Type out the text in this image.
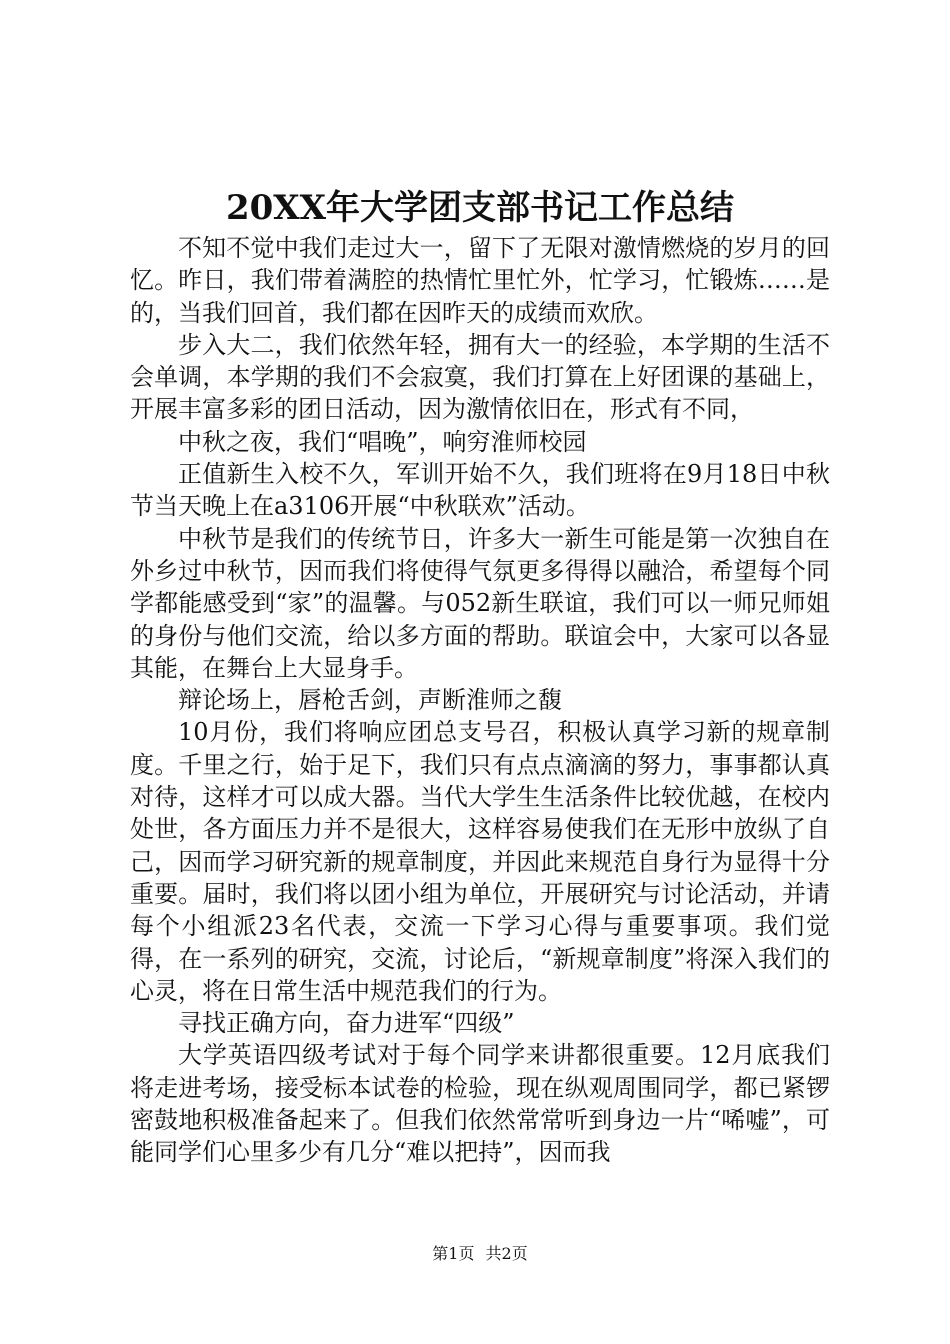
20XX年大学团支部书记工作总结

不知不觉中我们走过大一，留下了无限对激情燃烧的岁月的回忆。昨日，我们带着满腔的热情忙里忙外，忙学习，忙锻炼……是的，当我们回首，我们都在因昨天的成绩而欢欣。

步入大二，我们依然年轻，拥有大一的经验，本学期的生活不会单调，本学期的我们不会寂寞，我们打算在上好团课的基础上，开展丰富多彩的团日活动，因为激情依旧在，形式有不同，

中秋之夜，我们“唱晚”，响穷淮师校园

正值新生入校不久，军训开始不久，我们班将在9月18日中秋节当天晚上在a3106开展“中秋联欢”活动。

中秋节是我们的传统节日，许多大一新生可能是第一次独自在外乡过中秋节，因而我们将使得气氛更多得得以融洽，希望每个同学都能感受到“家”的温馨。与052新生联谊，我们可以一师兄师姐的身份与他们交流，给以多方面的帮助。联谊会中，大家可以各显其能，在舞台上大显身手。

辩论场上，唇枪舌剑，声断淮师之馥

10月份，我们将响应团总支号召，积极认真学习新的规章制度。千里之行，始于足下，我们只有点点滴滴的努力，事事都认真对待，这样才可以成大器。当代大学生生活条件比较优越，在校内处世，各方面压力并不是很大，这样容易使我们在无形中放纵了自己，因而学习研究新的规章制度，并因此来规范自身行为显得十分重要。届时，我们将以团小组为单位，开展研究与讨论活动，并请每个小组派23名代表，交流一下学习心得与重要事项。我们觉得，在一系列的研究，交流，讨论后，“新规章制度”将深入我们的心灵，将在日常生活中规范我们的行为。

寻找正确方向，奋力进军“四级”

大学英语四级考试对于每个同学来讲都很重要。12月底我们将走进考场，接受标本试卷的检验，现在纵观周围同学，都已紧锣密鼓地积极准备起来了。但我们依然常常听到身边一片“唏嘘”，可能同学们心里多少有几分“难以把持”，因而我

第1页 共2页
